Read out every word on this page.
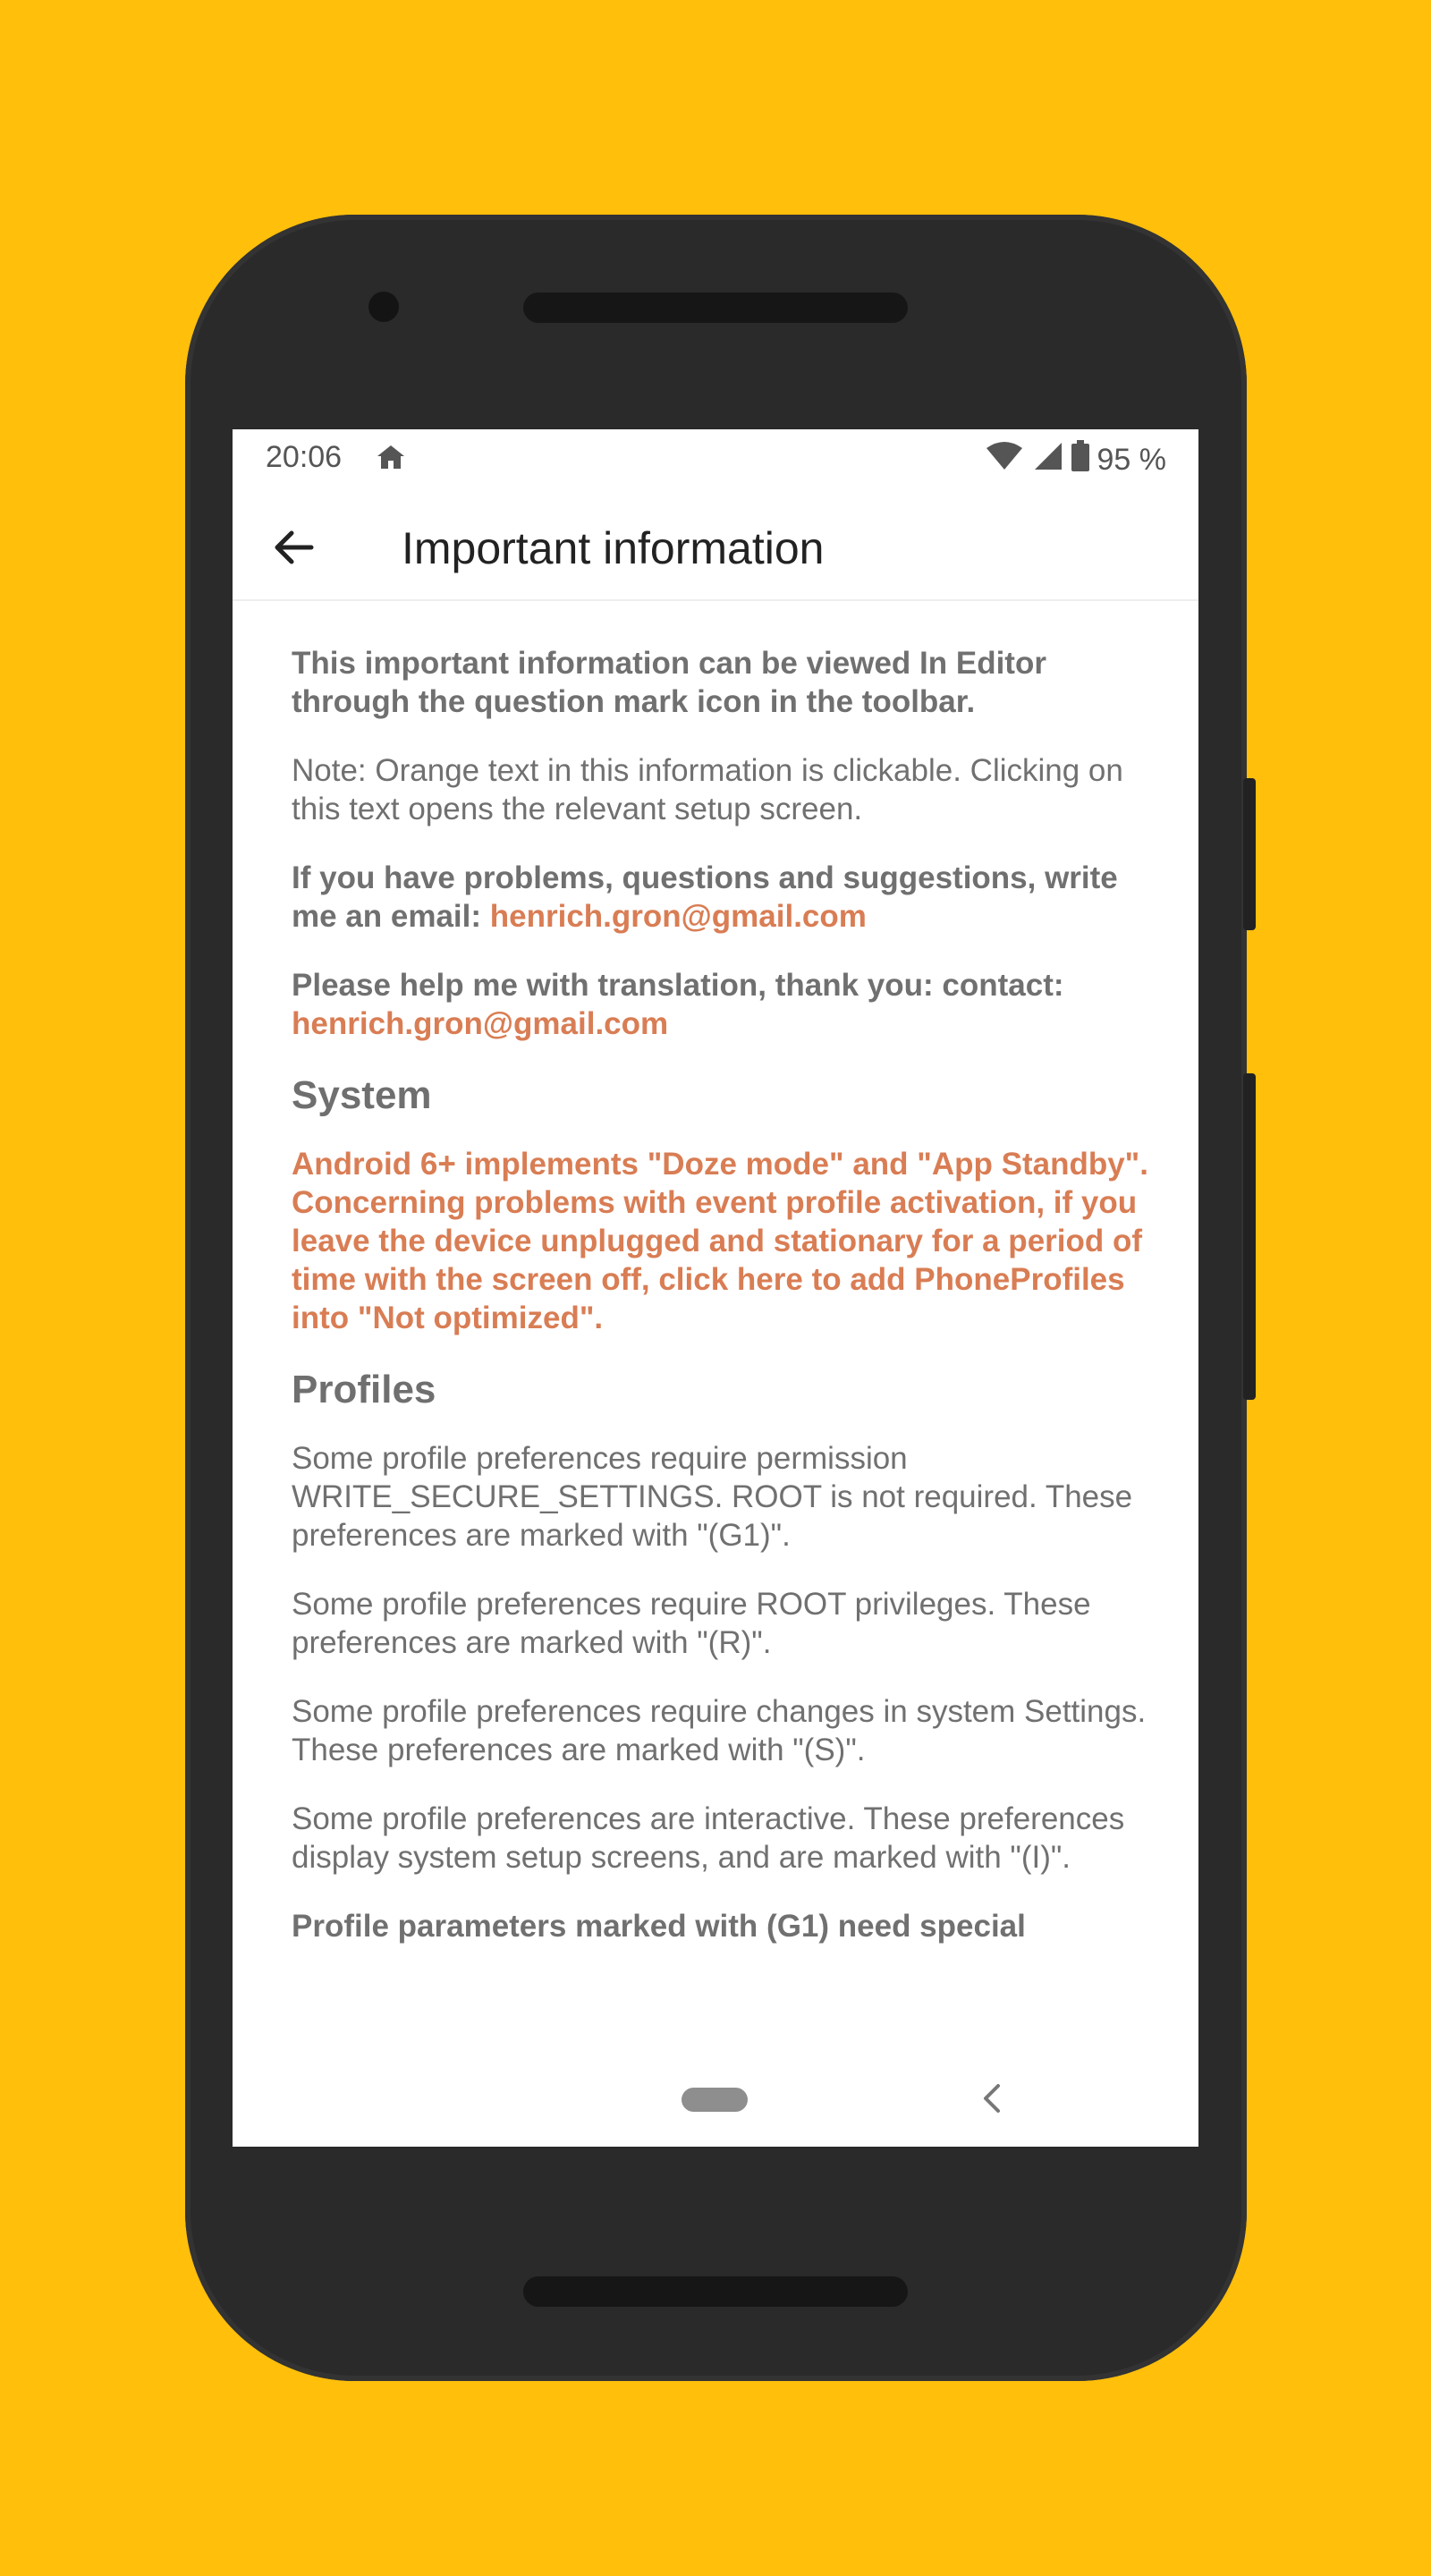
20:06	95 %
Important information

This important information can be viewed In Editor through the question mark icon in the toolbar.

Note: Orange text in this information is clickable. Clicking on this text opens the relevant setup screen.

If you have problems, questions and suggestions, write me an email: henrich.gron@gmail.com

Please help me with translation, thank you: contact: henrich.gron@gmail.com

System

Android 6+ implements "Doze mode" and "App Standby". Concerning problems with event profile activation, if you leave the device unplugged and stationary for a period of time with the screen off, click here to add PhoneProfiles into "Not optimized".

Profiles

Some profile preferences require permission WRITE_SECURE_SETTINGS. ROOT is not required. These preferences are marked with "(G1)".

Some profile preferences require ROOT privileges. These preferences are marked with "(R)".

Some profile preferences require changes in system Settings. These preferences are marked with "(S)".

Some profile preferences are interactive. These preferences display system setup screens, and are marked with "(I)".

Profile parameters marked with (G1) need special
